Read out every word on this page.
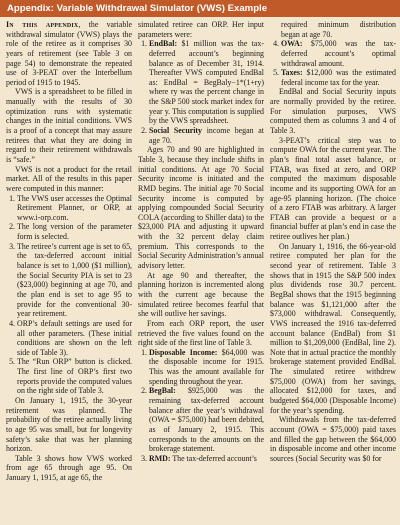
Appendix: Variable Withdrawal Simulator (VWS) Example

In this appendix, the variable withdrawal simulator (VWS) plays the role of the retiree as it comprises 30 years of retirement (see Table 3 on page 54) to demonstrate the repeated use of 3-PEAT over the Interbellum period of 1915 to 1945.

VWS is a spreadsheet to be filled in manually with the results of 30 optimization runs with systematic changes in the initial conditions. VWS is a proof of a concept that may assure retirees that what they are doing in regard to their retirement withdrawals is “safe.”

VWS is not a product for the retail market. All of the results in this paper were computed in this manner:

1. The VWS user accesses the Optimal Retirement Planner, or ORP, at www.i-orp.com.
2. The long version of the parameter form is selected.
3. The retiree’s current age is set to 65, the tax-deferred account initial balance is set to 1,000 ($1 million), the Social Security PIA is set to 23 ($23,000) beginning at age 70, and the plan end is set to age 95 to provide for the conventional 30-year retirement.
4. ORP’s default settings are used for all other parameters. (These initial conditions are shown on the left side of Table 3).
5. The “Run ORP” button is clicked. The first line of ORP’s first two reports provide the computed values on the right side of Table 3.

On January 1, 1915, the 30-year retirement was planned. The probability of the retiree actually living to age 95 was small, but for longevity safety’s sake that was her planning horizon.

Table 3 shows how VWS worked from age 65 through age 95. On January 1, 1915, at age 65, the

simulated retiree can ORP. Her input parameters were:

1. EndBal: $1 million was the tax-deferred account’s beginning balance as of December 31, 1914. Thereafter VWS computed EndBal as: EndBal = BegBaly−1*(1+ry) where ry was the percent change in the S&P 500 stock market index for year y. This computation is supplied by the VWS spreadsheet.
2. Social Security income began at age 70.

Ages 70 and 90 are highlighted in Table 3, because they include shifts in initial conditions. At age 70 Social Security income is initiated and the RMD begins. The initial age 70 Social Security income is computed by applying compounded Social Security COLA (according to Shiller data) to the $23,000 PIA and adjusting it upward with the 32 percent delay claim premium. This corresponds to the Social Security Administration’s annual advisory letter.

At age 90 and thereafter, the planning horizon is incremented along with the current age because the simulated retiree becomes fearful that she will outlive her savings.

From each ORP report, the user retrieved the five values found on the right side of the first line of Table 3.

1. Disposable Income: $64,000 was the disposable income for 1915. This was the amount available for spending throughout the year.
2. BegBal: $925,000 was the remaining tax-deferred account balance after the year’s withdrawal (OWA = $75,000) had been debited, as of January 2, 1915. This corresponds to the amounts on the brokerage statement.
3. RMD: The tax-deferred account’s
required minimum distribution began at age 70.
4. OWA: $75,000 was the tax-deferred account’s optimal withdrawal amount.
5. Taxes: $12,000 was the estimated federal income tax for the year.

EndBal and Social Security inputs are normally provided by the retiree. For simulation purposes, VWS computed them as columns 3 and 4 of Table 3.

3-PEAT’s critical step was to compute OWA for the current year. The plan’s final total asset balance, or FTAB, was fixed at zero, and ORP computed the maximum disposable income and its supporting OWA for an age-95 planning horizon. (The choice of a zero FTAB was arbitrary. A larger FTAB can provide a bequest or a financial buffer at plan’s end in case the retiree outlives her plan.)

On January 1, 1916, the 66-year-old retiree computed her plan for the second year of retirement. Table 3 shows that in 1915 the S&P 500 index plus dividends rose 30.7 percent. BegBal shows that the 1915 beginning balance was $1,121,000 after the $73,000 withdrawal. Consequently, VWS increased the 1916 tax-deferred account balance (EndBal) from $1 million to $1,209,000 (EndBal, line 2). Note that in actual practice the monthly brokerage statement provided EndBal. The simulated retiree withdrew $75,000 (OWA) from her savings, allocated $12,000 for taxes, and budgeted $64,000 (Disposable Income) for the year’s spending.

Withdrawals from the tax-deferred account (OWA = $75,000) paid taxes and filled the gap between the $64,000 in disposable income and other income sources (Social Security was $0 for
